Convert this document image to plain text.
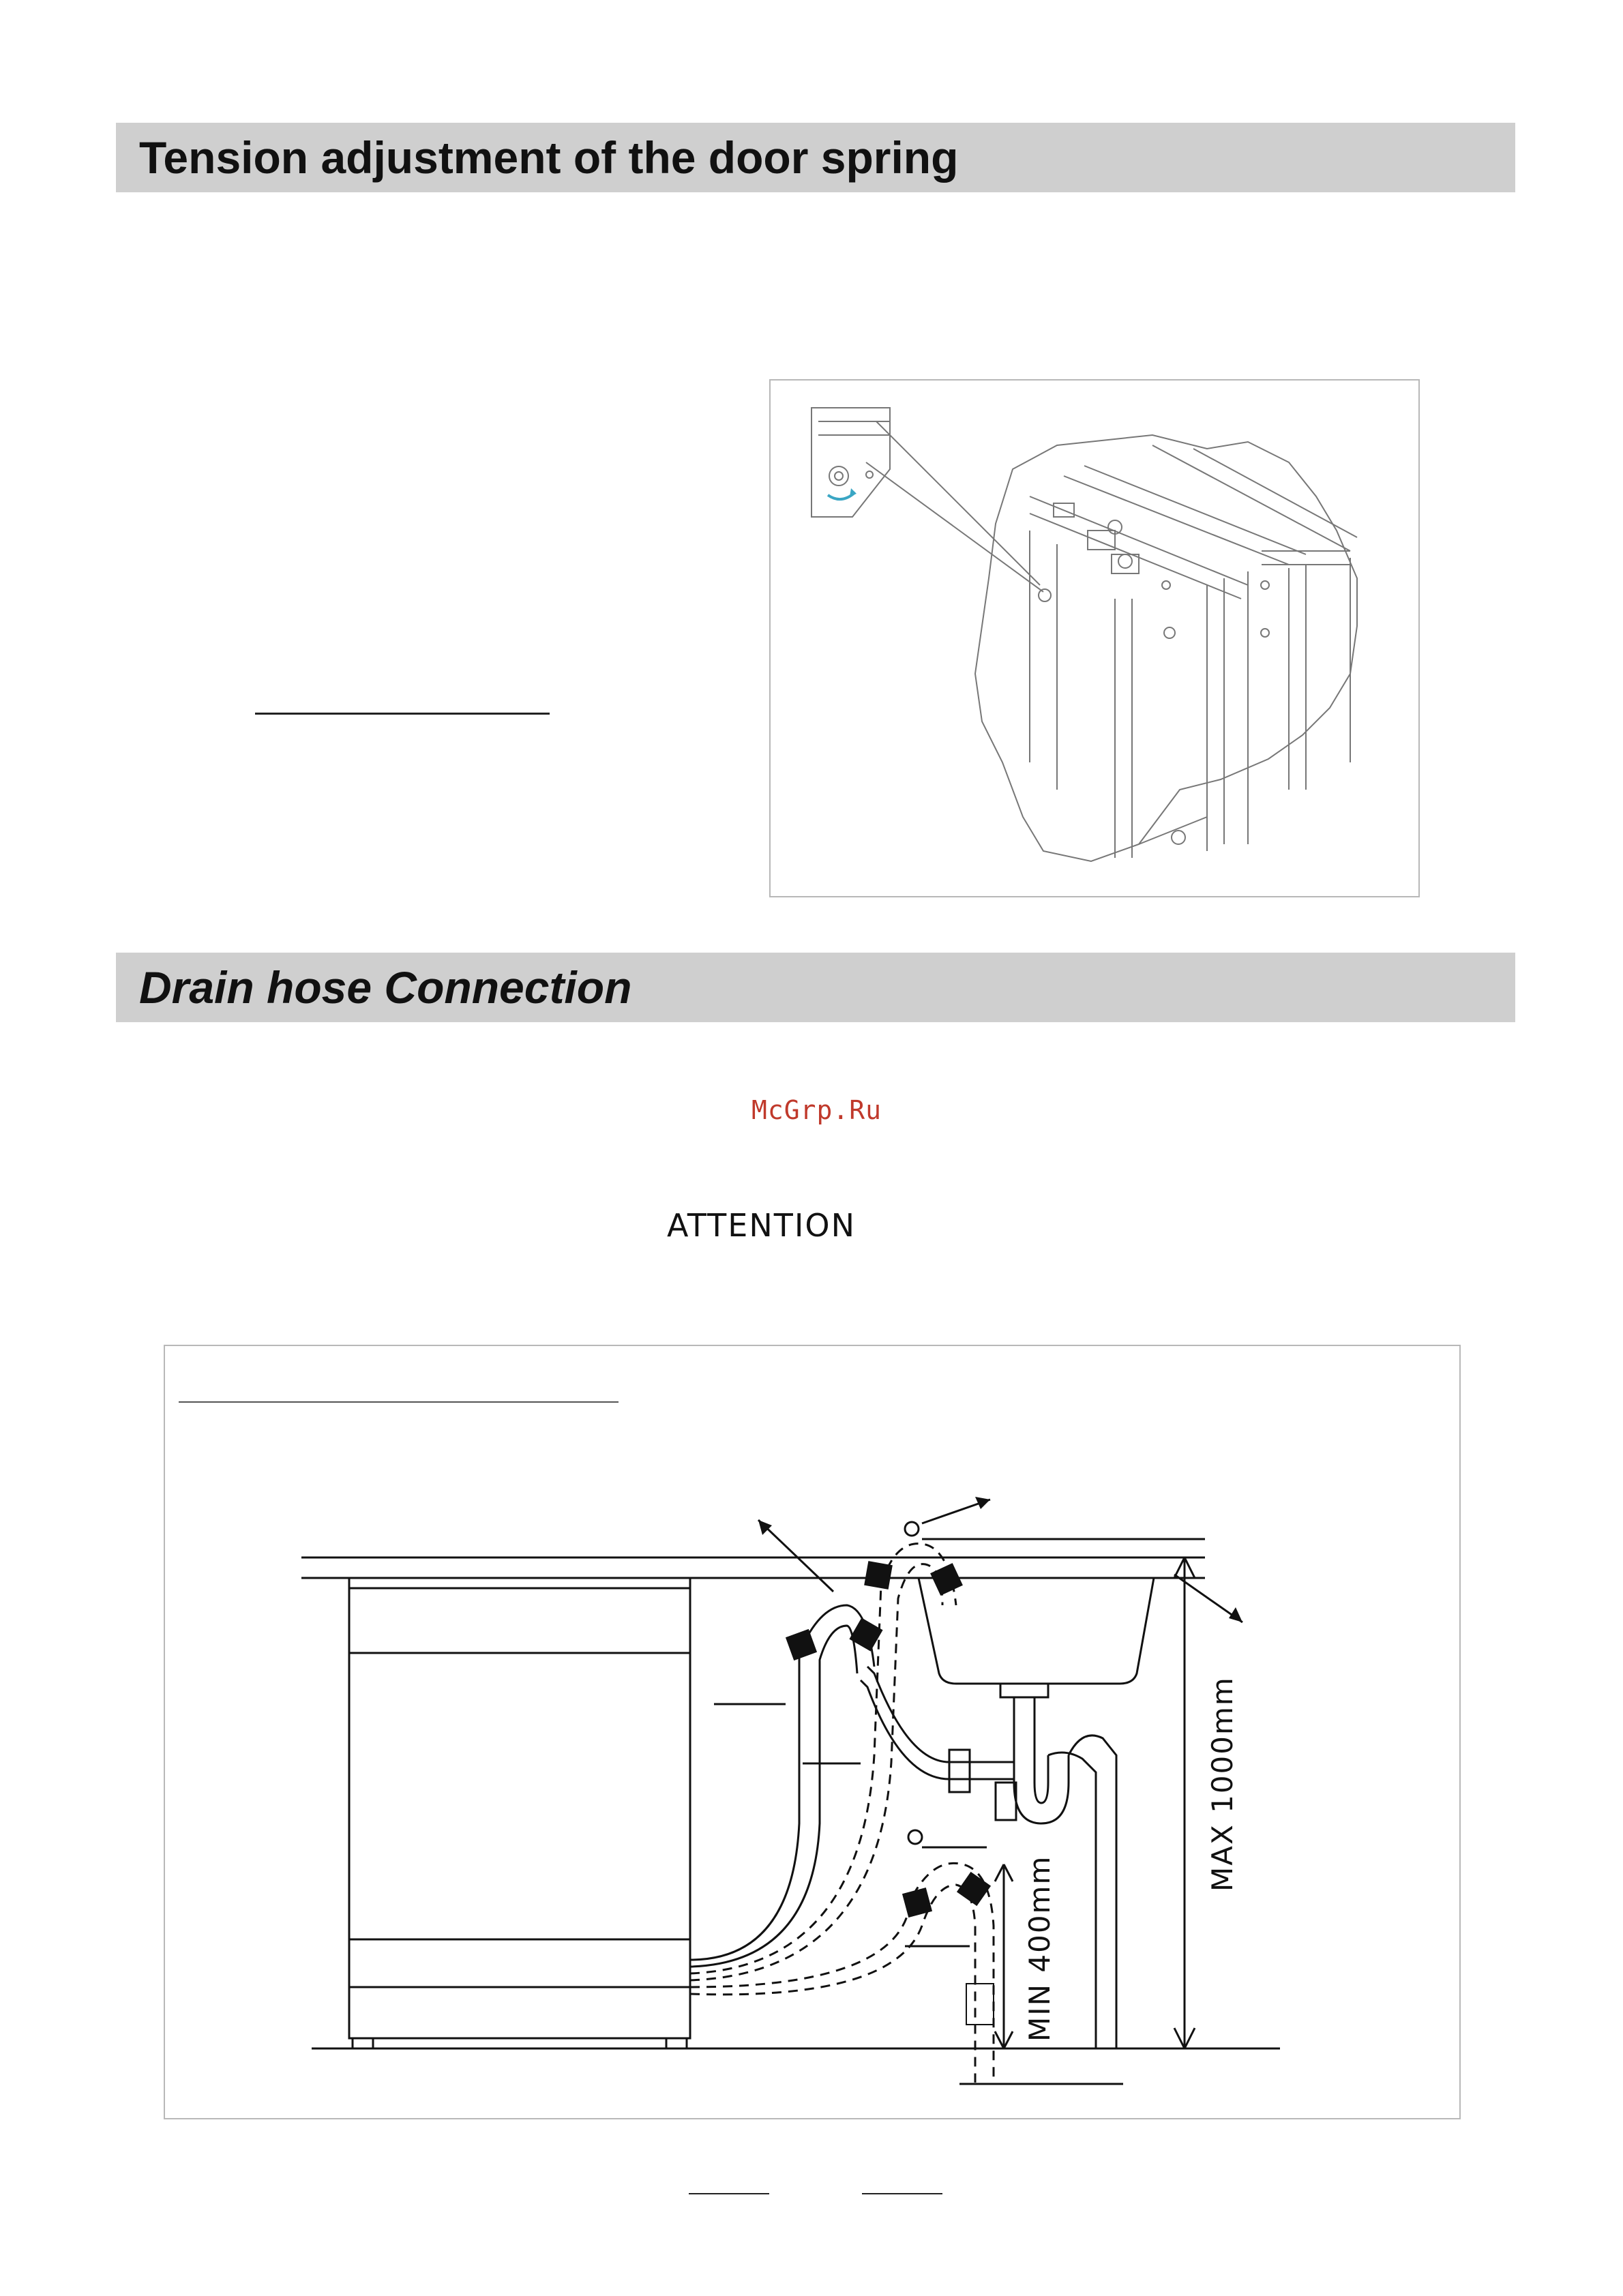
Tension adjustment of the door spring
Drain hose Connection
McGrp.Ru
ATTENTION
MAX 1000mm
MIN 400mm
